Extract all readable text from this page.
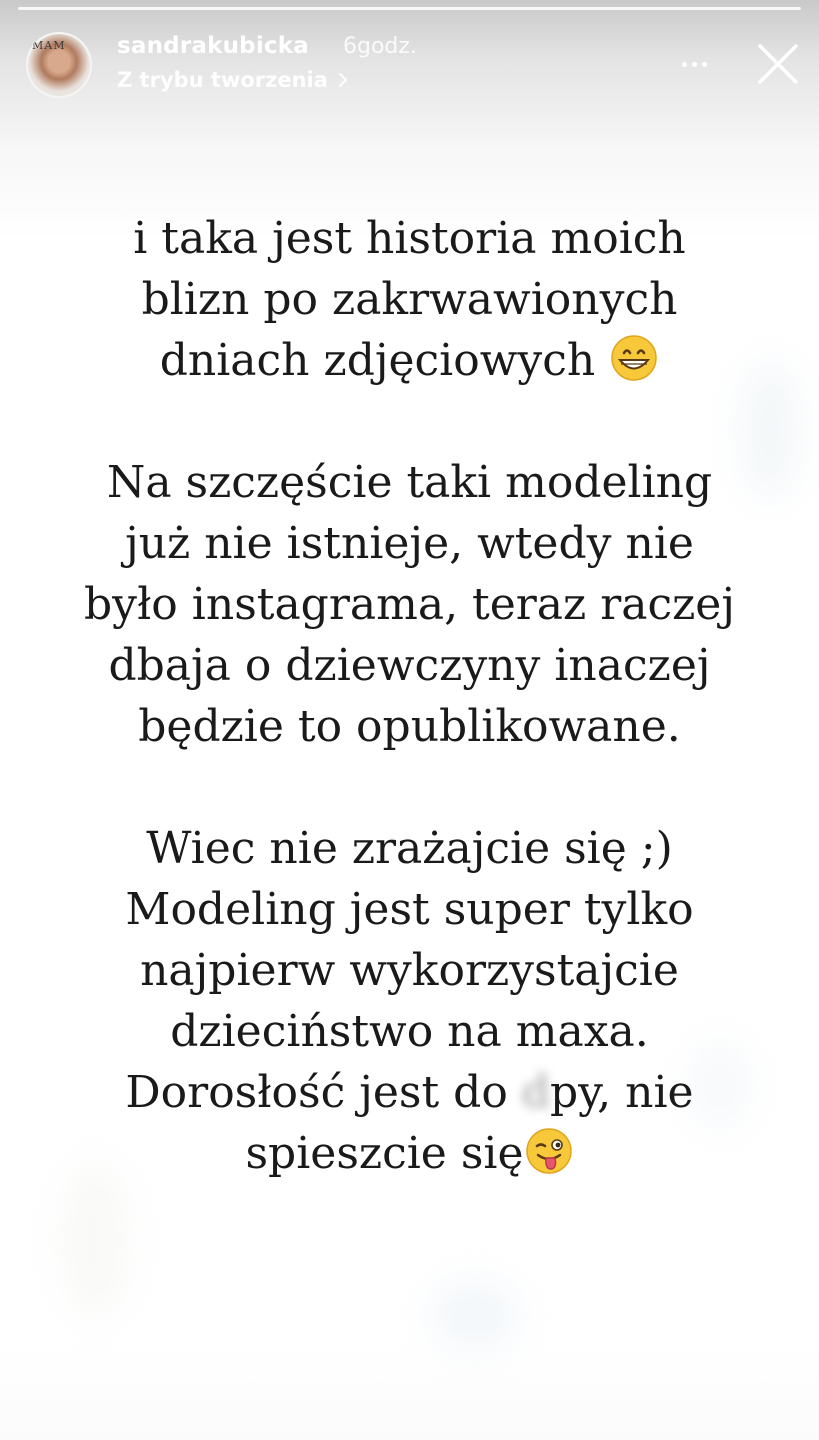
MAM sandrakubicka 6godz.
Z trybu tworzenia
i taka jest historia moich
blizn po zakrwawionych
dniach zdjęciowych
Na szczęście taki modeling
już nie istnieje, wtedy nie
było instagrama, teraz raczej
dbaja o dziewczyny inaczej
będzie to opublikowane.
Wiec nie zrażajcie się ;)
Modeling jest super tylko
najpierw wykorzystajcie
dzieciństwo na maxa.
Dorosłość jest do dpy, nie
spieszcie się
